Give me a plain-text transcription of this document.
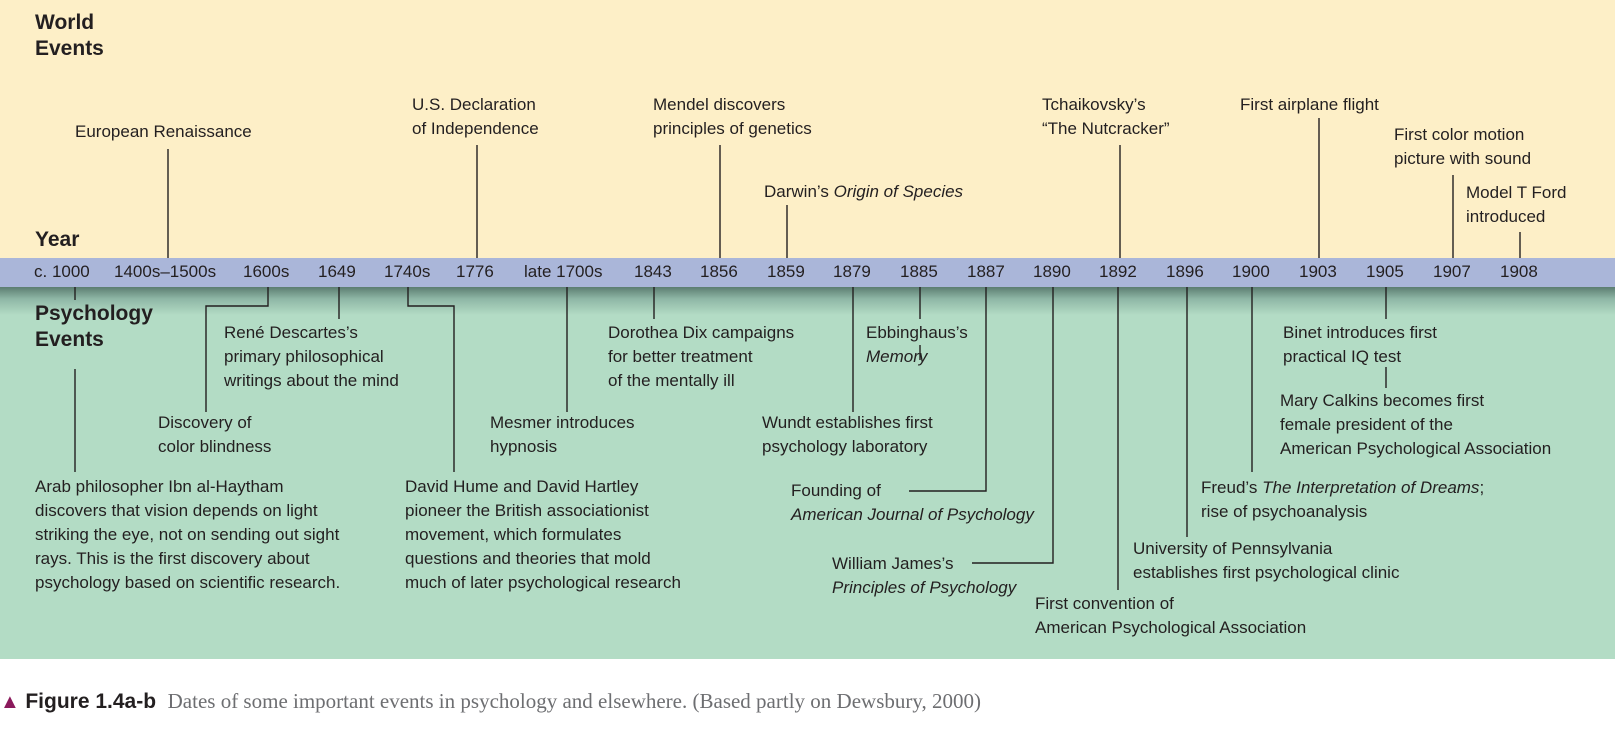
World
Events
Year
Psychology
Events
c. 1000 1400s–1500s 1600s 1649 1740s 1776 late 1700s 1843 1856 1859 1879 1885 1887 1890 1892 1896 1900 1903 1905 1907 1908
European Renaissance
U.S. Declaration
of Independence
Mendel discovers
principles of genetics
Darwin’s Origin of Species
Tchaikovsky’s
“The Nutcracker”
First airplane flight
First color motion
picture with sound
Model T Ford
introduced
Arab philosopher Ibn al-Haytham
discovers that vision depends on light
striking the eye, not on sending out sight
rays. This is the first discovery about
psychology based on scientific research.
Discovery of
color blindness
René Descartes’s
primary philosophical
writings about the mind
David Hume and David Hartley
pioneer the British associationist
movement, which formulates
questions and theories that mold
much of later psychological research
Mesmer introduces
hypnosis
Dorothea Dix campaigns
for better treatment
of the mentally ill
Ebbinghaus’s
Memory
Wundt establishes first
psychology laboratory
Founding of
American Journal of Psychology
William James’s
Principles of Psychology
First convention of
American Psychological Association
University of Pennsylvania
establishes first psychological clinic
Freud’s The Interpretation of Dreams;
rise of psychoanalysis
Binet introduces first
practical IQ test
Mary Calkins becomes first
female president of the
American Psychological Association
▲ Figure 1.4a-b Dates of some important events in psychology and elsewhere. (Based partly on Dewsbury, 2000)
